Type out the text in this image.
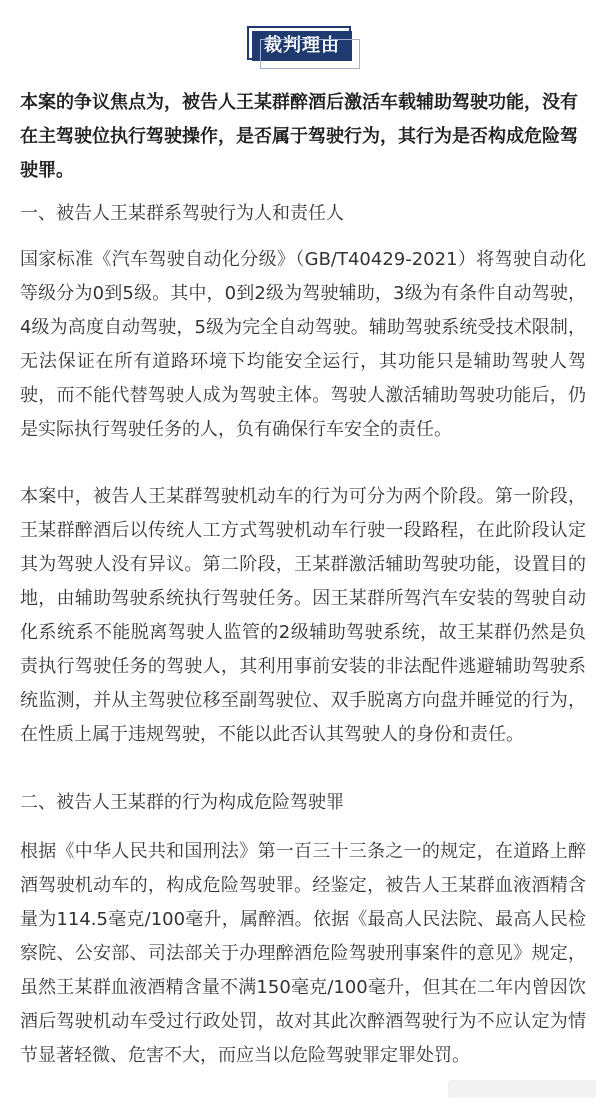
裁判理由

本案的争议焦点为，被告人王某群醉酒后激活车载辅助驾驶功能，没有在主驾驶位执行驾驶操作，是否属于驾驶行为，其行为是否构成危险驾驶罪。

一、被告人王某群系驾驶行为人和责任人

国家标准《汽车驾驶自动化分级》（GB/T40429-2021）将驾驶自动化等级分为0到5级。其中，0到2级为驾驶辅助，3级为有条件自动驾驶，4级为高度自动驾驶，5级为完全自动驾驶。辅助驾驶系统受技术限制，无法保证在所有道路环境下均能安全运行，其功能只是辅助驾驶人驾驶，而不能代替驾驶人成为驾驶主体。驾驶人激活辅助驾驶功能后，仍是实际执行驾驶任务的人，负有确保行车安全的责任。

本案中，被告人王某群驾驶机动车的行为可分为两个阶段。第一阶段，王某群醉酒后以传统人工方式驾驶机动车行驶一段路程，在此阶段认定其为驾驶人没有异议。第二阶段，王某群激活辅助驾驶功能，设置目的地，由辅助驾驶系统执行驾驶任务。因王某群所驾汽车安装的驾驶自动化系统系不能脱离驾驶人监管的2级辅助驾驶系统，故王某群仍然是负责执行驾驶任务的驾驶人，其利用事前安装的非法配件逃避辅助驾驶系统监测，并从主驾驶位移至副驾驶位、双手脱离方向盘并睡觉的行为，在性质上属于违规驾驶，不能以此否认其驾驶人的身份和责任。

二、被告人王某群的行为构成危险驾驶罪

根据《中华人民共和国刑法》第一百三十三条之一的规定，在道路上醉酒驾驶机动车的，构成危险驾驶罪。经鉴定，被告人王某群血液酒精含量为114.5毫克/100毫升，属醉酒。依据《最高人民法院、最高人民检察院、公安部、司法部关于办理醉酒危险驾驶刑事案件的意见》规定，虽然王某群血液酒精含量不满150毫克/100毫升，但其在二年内曾因饮酒后驾驶机动车受过行政处罚，故对其此次醉酒驾驶行为不应认定为情节显著轻微、危害不大，而应当以危险驾驶罪定罪处罚。
